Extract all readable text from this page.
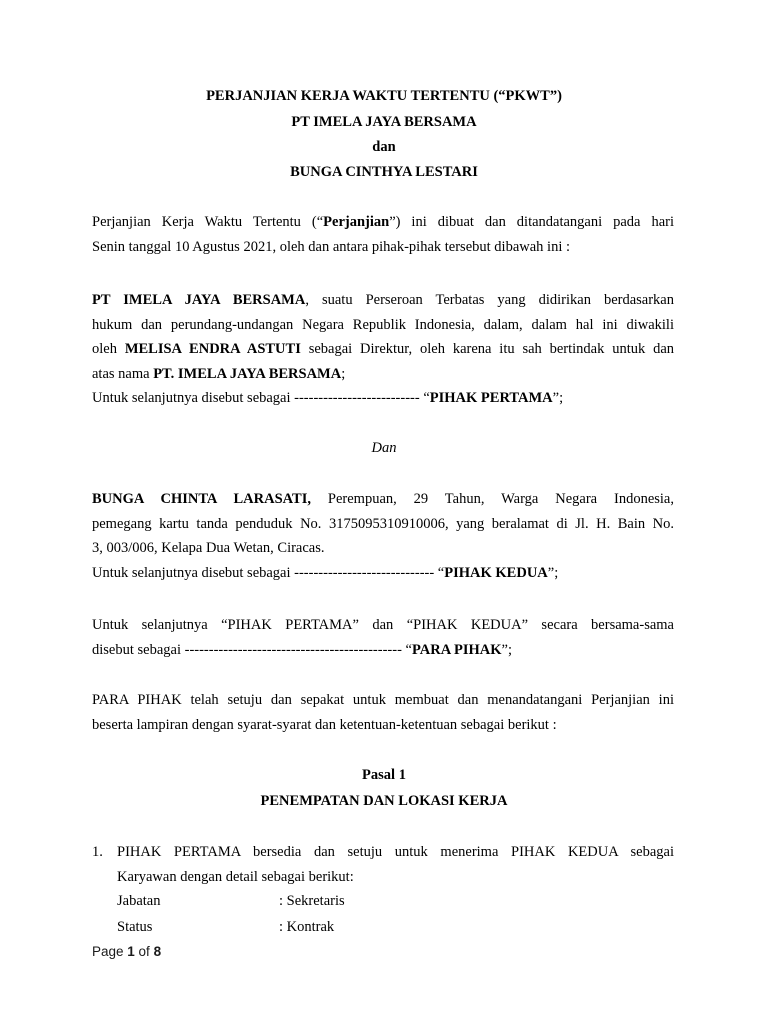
PERJANJIAN KERJA WAKTU TERTENTU (“PKWT”)
PT IMELA JAYA BERSAMA
dan
BUNGA CINTHYA LESTARI
Perjanjian Kerja Waktu Tertentu (“Perjanjian”) ini dibuat dan ditandatangani pada hari
Senin tanggal 10 Agustus 2021, oleh dan antara pihak-pihak tersebut dibawah ini :
PT IMELA JAYA BERSAMA, suatu Perseroan Terbatas yang didirikan berdasarkan
hukum dan perundang-undangan Negara Republik Indonesia, dalam, dalam hal ini diwakili
oleh MELISA ENDRA ASTUTI sebagai Direktur, oleh karena itu sah bertindak untuk dan
atas nama PT. IMELA JAYA BERSAMA;
Untuk selanjutnya disebut sebagai -------------------------- “PIHAK PERTAMA”;
Dan
BUNGA CHINTA LARASATI, Perempuan, 29 Tahun, Warga Negara Indonesia,
pemegang kartu tanda penduduk No. 3175095310910006, yang beralamat di Jl. H. Bain No.
3, 003/006, Kelapa Dua Wetan, Ciracas.
Untuk selanjutnya disebut sebagai ----------------------------- “PIHAK KEDUA”;
Untuk selanjutnya “PIHAK PERTAMA” dan “PIHAK KEDUA” secara bersama-sama
disebut sebagai --------------------------------------------- “PARA PIHAK”;
PARA PIHAK telah setuju dan sepakat untuk membuat dan menandatangani Perjanjian ini
beserta lampiran dengan syarat-syarat dan ketentuan-ketentuan sebagai berikut :
Pasal 1
PENEMPATAN DAN LOKASI KERJA
1. PIHAK PERTAMA bersedia dan setuju untuk menerima PIHAK KEDUA sebagai
Karyawan dengan detail sebagai berikut:
Jabatan	: Sekretaris
Status	: Kontrak
Page 1 of 8
